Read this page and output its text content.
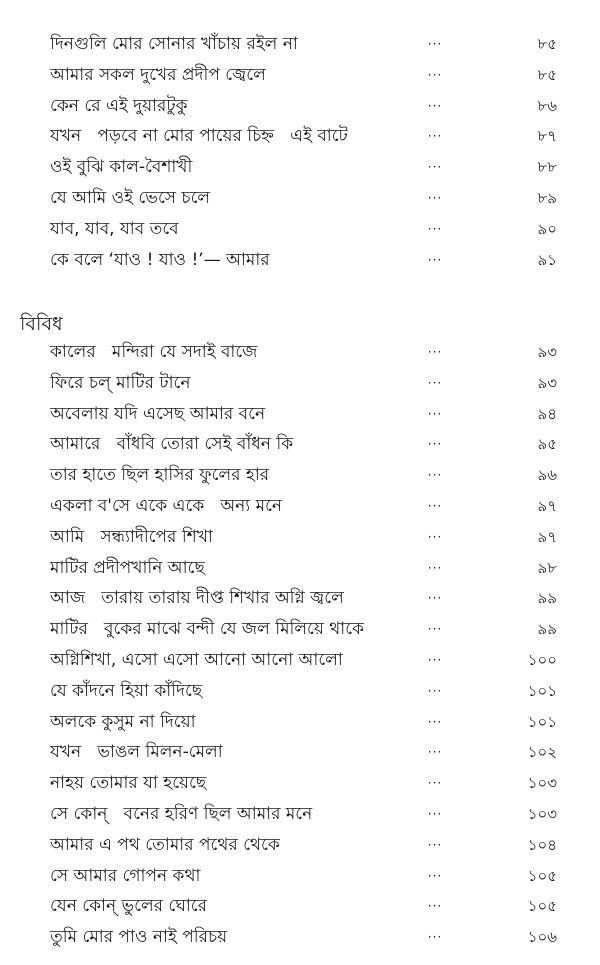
দিনগুলি মোর সোনার খাঁচায় রইল না	···	৮৫
আমার সকল দুখের প্রদীপ জ্বেলে	···	৮৫
কেন রে এই দুয়ারটুকু	···	৮৬
যখন   পড়বে না মোর পায়ের চিহ্ন   এই বাটে	···	৮৭
ওই বুঝি কাল-বৈশাখী	···	৮৮
যে আমি ওই ভেসে চলে	···	৮৯
যাব, যাব, যাব তবে	···	৯০
কে বলে ‘যাও ! যাও !’— আমার	···	৯১
বিবিধ
কালের   মন্দিরা যে সদাই বাজে	···	৯৩
ফিরে চল্ মাটির টানে	···	৯৩
অবেলায় যদি এসেছ আমার বনে	···	৯৪
আমারে   বাঁধবি তোরা সেই বাঁধন কি	···	৯৫
তার হাতে ছিল হাসির ফুলের হার	···	৯৬
একলা ব'সে একে একে   অন্য মনে	···	৯৭
আমি   সন্ধ্যাদীপের শিখা	···	৯৭
মাটির প্রদীপখানি আছে	···	৯৮
আজ   তারায় তারায় দীপ্ত শিখার অগ্নি জ্বলে	···	৯৯
মাটির   বুকের মাঝে বন্দী যে জল মিলিয়ে থাকে	···	৯৯
অগ্নিশিখা, এসো এসো আনো আনো আলো	···	১০০
যে কাঁদনে হিয়া কাঁদিছে	···	১০১
অলকে কুসুম না দিয়ো	···	১০১
যখন   ভাঙল মিলন-মেলা	···	১০২
নাহয় তোমার যা হয়েছে	···	১০৩
সে কোন্   বনের হরিণ ছিল আমার মনে	···	১০৩
আমার এ পথ তোমার পথের থেকে	···	১০৪
সে আমার গোপন কথা	···	১০৫
যেন কোন্ ভুলের ঘোরে	···	১০৫
তুমি মোর পাও নাই পরিচয়	···	১০৬
